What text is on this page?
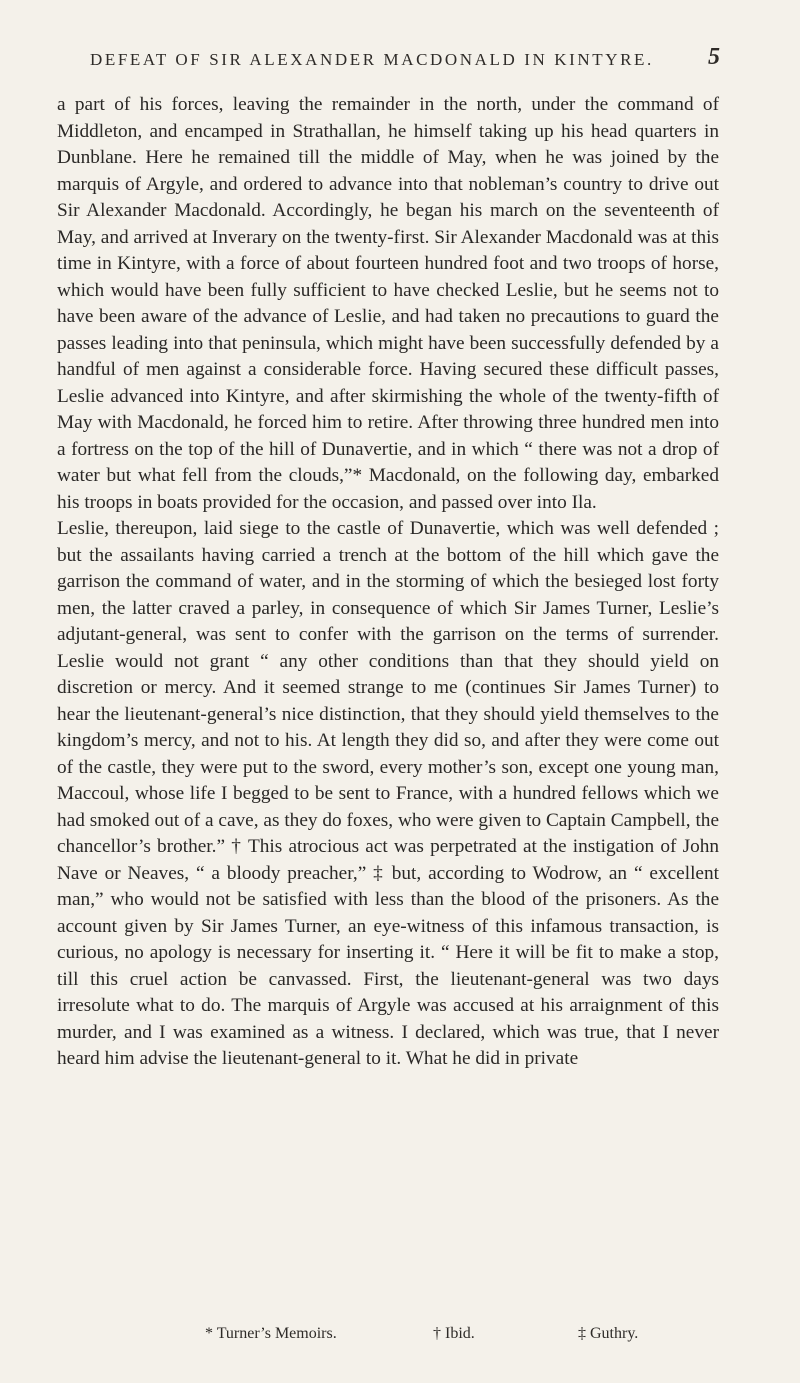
DEFEAT OF SIR ALEXANDER MACDONALD IN KINTYRE. 5

a part of his forces, leaving the remainder in the north, under the command of Middleton, and encamped in Strathallan, he himself taking up his head quarters in Dunblane. Here he remained till the middle of May, when he was joined by the marquis of Argyle, and ordered to advance into that nobleman’s country to drive out Sir Alexander Macdonald. Accordingly, he began his march on the seventeenth of May, and arrived at Inverary on the twenty-first. Sir Alexander Macdonald was at this time in Kintyre, with a force of about fourteen hundred foot and two troops of horse, which would have been fully sufficient to have checked Leslie, but he seems not to have been aware of the advance of Leslie, and had taken no precautions to guard the passes leading into that peninsula, which might have been successfully defended by a handful of men against a considerable force. Having secured these difficult passes, Leslie advanced into Kintyre, and after skirmishing the whole of the twenty-fifth of May with Macdonald, he forced him to retire. After throwing three hundred men into a fortress on the top of the hill of Dunavertie, and in which “ there was not a drop of water but what fell from the clouds,”* Macdonald, on the following day, embarked his troops in boats provided for the occasion, and passed over into Ila.

Leslie, thereupon, laid siege to the castle of Dunavertie, which was well defended ; but the assailants having carried a trench at the bottom of the hill which gave the garrison the command of water, and in the storming of which the besieged lost forty men, the latter craved a parley, in consequence of which Sir James Turner, Leslie’s adjutant-general, was sent to confer with the garrison on the terms of surrender. Leslie would not grant “ any other conditions than that they should yield on discretion or mercy. And it seemed strange to me (continues Sir James Turner) to hear the lieutenant-general’s nice distinction, that they should yield themselves to the kingdom’s mercy, and not to his. At length they did so, and after they were come out of the castle, they were put to the sword, every mother’s son, except one young man, Maccoul, whose life I begged to be sent to France, with a hundred fellows which we had smoked out of a cave, as they do foxes, who were given to Captain Campbell, the chancellor’s brother.” † This atrocious act was perpetrated at the instigation of John Nave or Neaves, “ a bloody preacher,” ‡ but, according to Wodrow, an “ excellent man,” who would not be satisfied with less than the blood of the prisoners. As the account given by Sir James Turner, an eye-witness of this infamous transaction, is curious, no apology is necessary for inserting it. “ Here it will be fit to make a stop, till this cruel action be canvassed. First, the lieutenant-general was two days irresolute what to do. The marquis of Argyle was accused at his arraignment of this murder, and I was examined as a witness. I declared, which was true, that I never heard him advise the lieutenant-general to it. What he did in private

* Turner’s Memoirs.	† Ibid.	‡ Guthry.
